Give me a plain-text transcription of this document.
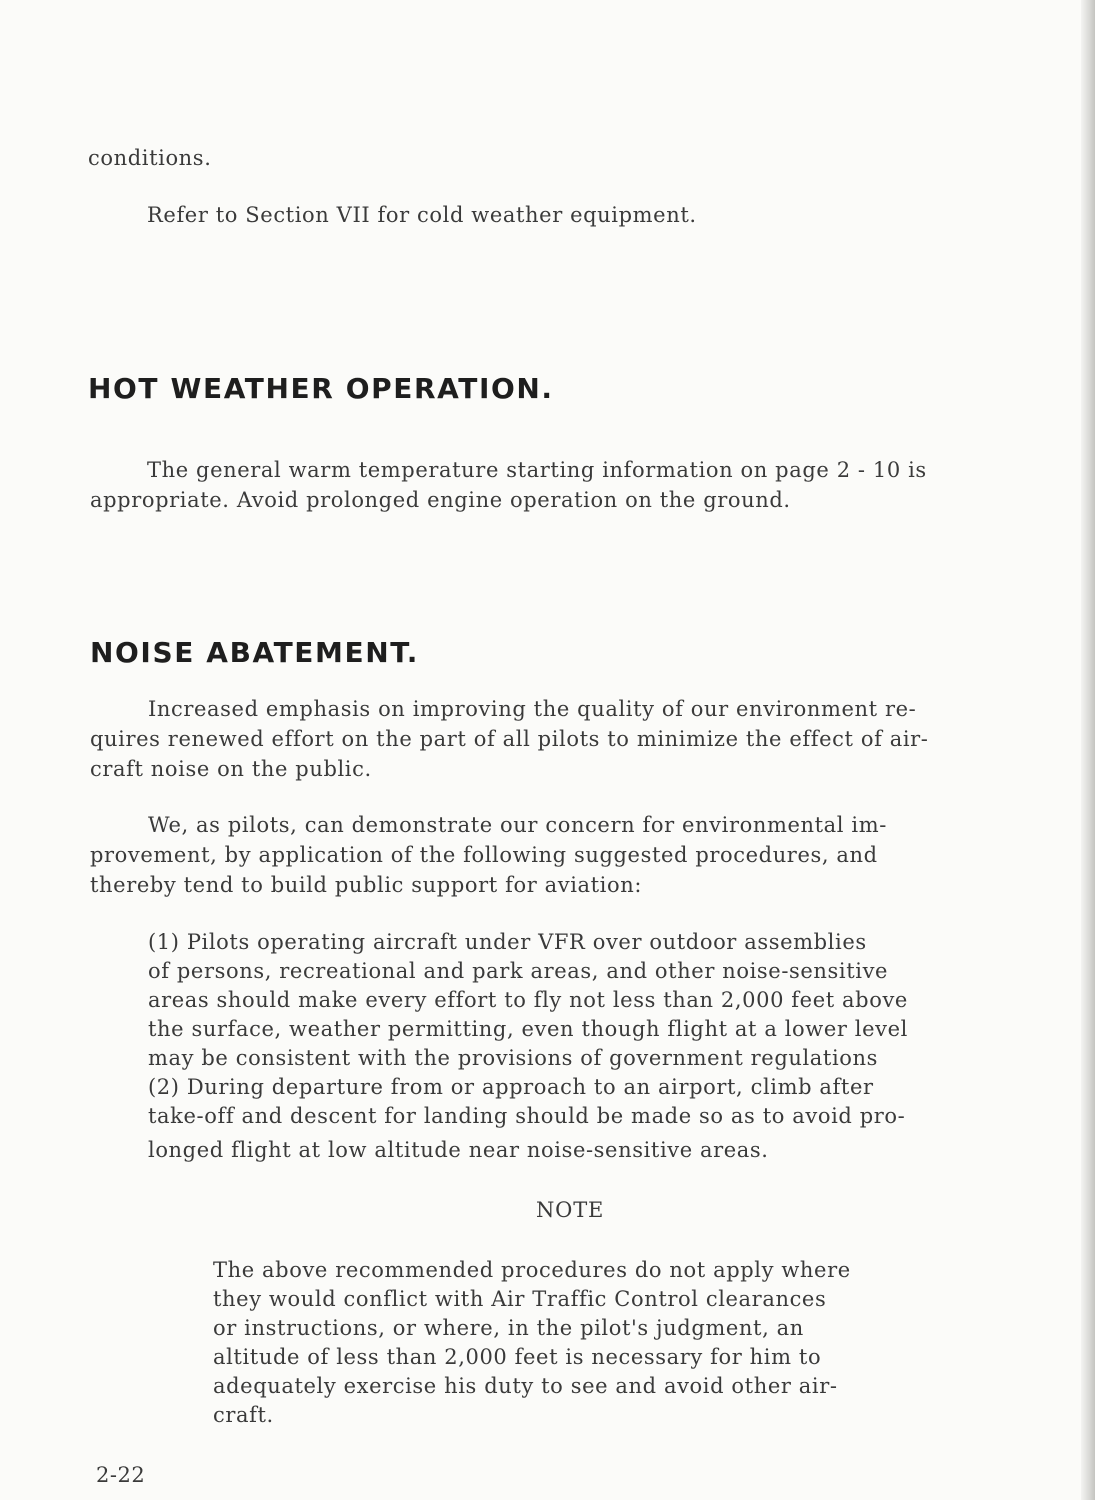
conditions.

Refer to Section VII for cold weather equipment.

HOT WEATHER OPERATION.
The general warm temperature starting information on page 2 - 10 is
appropriate. Avoid prolonged engine operation on the ground.
NOISE ABATEMENT.
Increased emphasis on improving the quality of our environment re-
quires renewed effort on the part of all pilots to minimize the effect of air-
craft noise on the public.
We, as pilots, can demonstrate our concern for environmental im-
provement, by application of the following suggested procedures, and
thereby tend to build public support for aviation:
(1) Pilots operating aircraft under VFR over outdoor assemblies
of persons, recreational and park areas, and other noise-sensitive
areas should make every effort to fly not less than 2,000 feet above
the surface, weather permitting, even though flight at a lower level
may be consistent with the provisions of government regulations
(2) During departure from or approach to an airport, climb after
take-off and descent for landing should be made so as to avoid pro-
longed flight at low altitude near noise-sensitive areas.
NOTE
The above recommended procedures do not apply where
they would conflict with Air Traffic Control clearances
or instructions, or where, in the pilot's judgment, an
altitude of less than 2,000 feet is necessary for him to
adequately exercise his duty to see and avoid other air-
craft.
2-22
